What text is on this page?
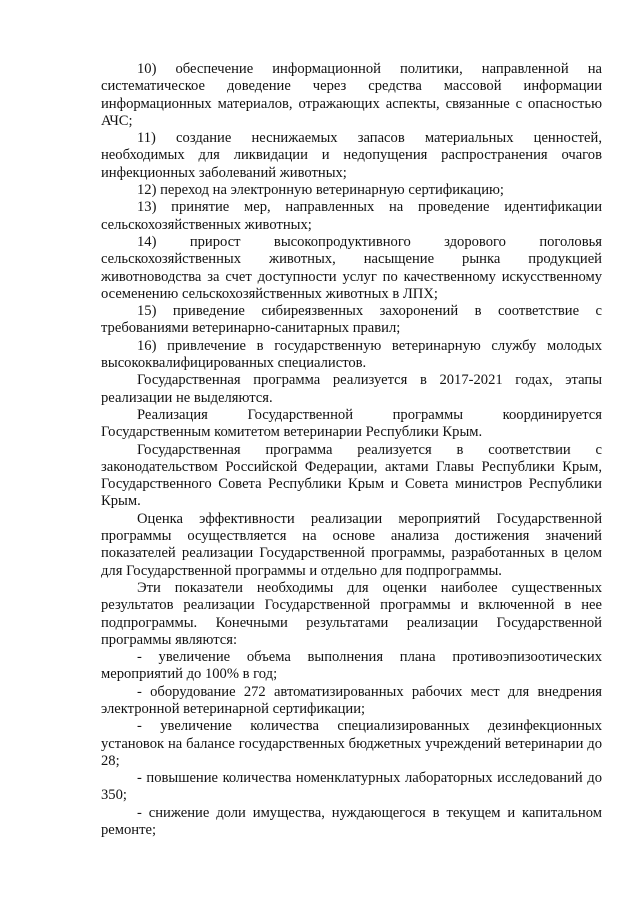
10) обеспечение информационной политики, направленной на систематическое доведение через средства массовой информации информационных материалов, отражающих аспекты, связанные с опасностью АЧС;

11) создание неснижаемых запасов материальных ценностей, необходимых для ликвидации и недопущения распространения очагов инфекционных заболеваний животных;

12) переход на электронную ветеринарную сертификацию;

13) принятие мер, направленных на проведение идентификации сельскохозяйственных животных;

14) прирост высокопродуктивного здорового поголовья сельскохозяйственных животных, насыщение рынка продукцией животноводства за счет доступности услуг по качественному искусственному осеменению сельскохозяйственных животных в ЛПХ;

15) приведение сибиреязвенных захоронений в соответствие с требованиями ветеринарно-санитарных правил;

16) привлечение в государственную ветеринарную службу молодых высококвалифицированных специалистов.

Государственная программа реализуется в 2017-2021 годах, этапы реализации не выделяются.

Реализация Государственной программы координируется Государственным комитетом ветеринарии Республики Крым.

Государственная программа реализуется в соответствии с законодательством Российской Федерации, актами Главы Республики Крым, Государственного Совета Республики Крым и Совета министров Республики Крым.

Оценка эффективности реализации мероприятий Государственной программы осуществляется на основе анализа достижения значений показателей реализации Государственной программы, разработанных в целом для Государственной программы и отдельно для подпрограммы.

Эти показатели необходимы для оценки наиболее существенных результатов реализации Государственной программы и включенной в нее подпрограммы. Конечными результатами реализации Государственной программы являются:

- увеличение объема выполнения плана противоэпизоотических мероприятий до 100% в год;

- оборудование 272 автоматизированных рабочих мест для внедрения электронной ветеринарной сертификации;

- увеличение количества специализированных дезинфекционных установок на балансе государственных бюджетных учреждений ветеринарии до 28;

- повышение количества номенклатурных лабораторных исследований до 350;

- снижение доли имущества, нуждающегося в текущем и капитальном ремонте;
